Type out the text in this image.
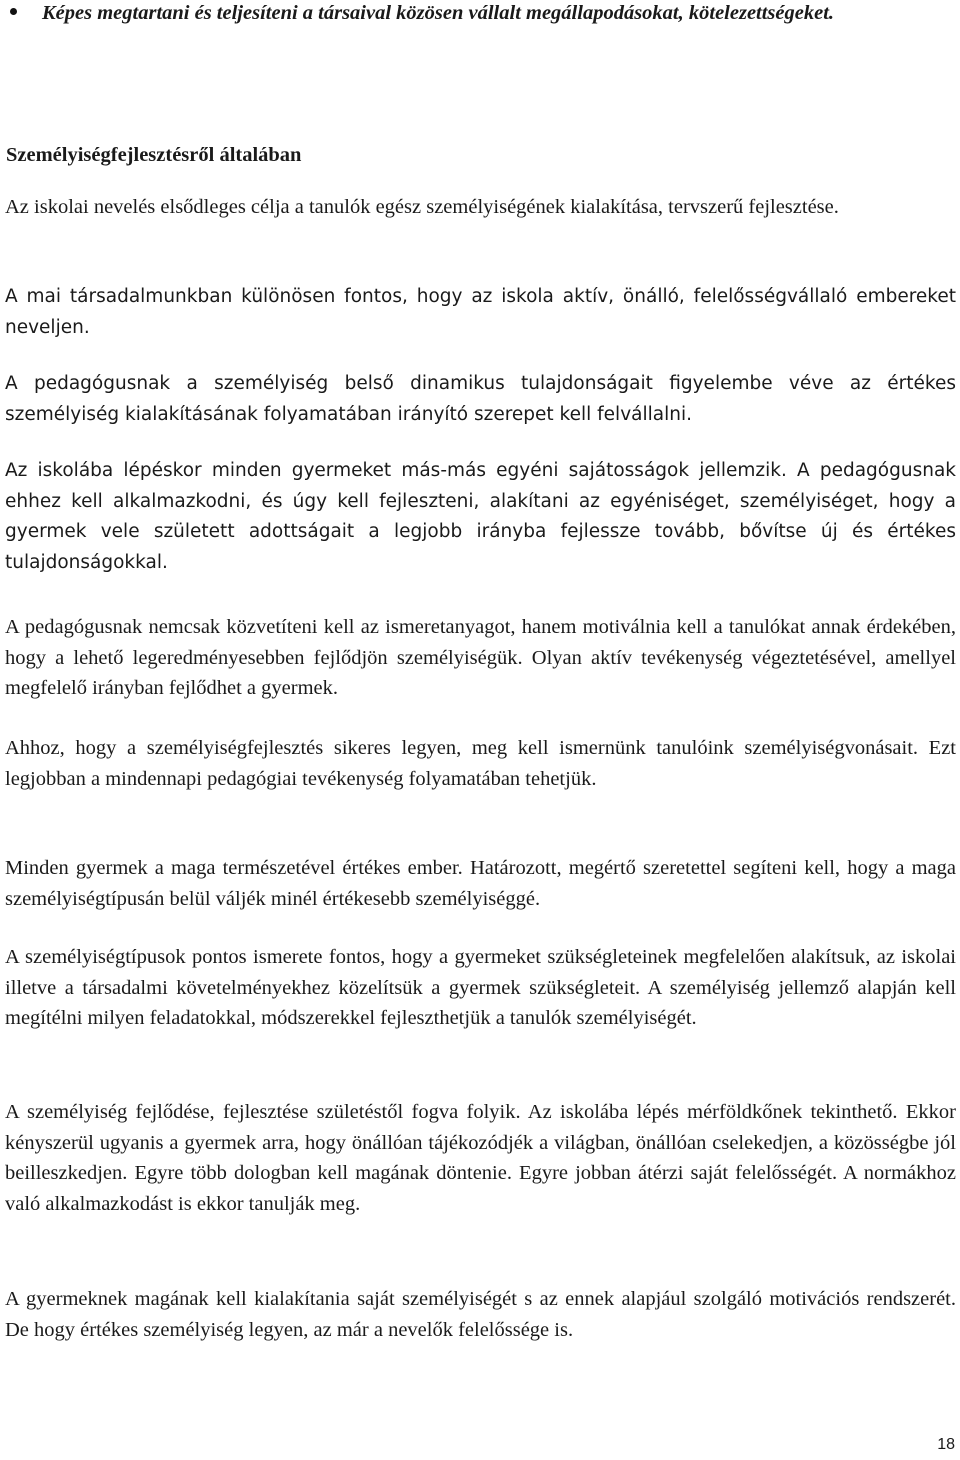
Képes megtartani és teljesíteni a társaival közösen vállalt megállapodásokat, kötelezettségeket.
Személyiségfejlesztésről általában

Az iskolai nevelés elsődleges célja a tanulók egész személyiségének kialakítása, tervszerű fejlesztése.

A mai társadalmunkban különösen fontos, hogy az iskola aktív, önálló, felelősségvállaló embereket neveljen.

A pedagógusnak a személyiség belső dinamikus tulajdonságait figyelembe véve az értékes személyiség kialakításának folyamatában irányító szerepet kell felvállalni.

Az iskolába lépéskor minden gyermeket más-más egyéni sajátosságok jellemzik. A pedagógusnak ehhez kell alkalmazkodni, és úgy kell fejleszteni, alakítani az egyéniséget, személyiséget, hogy a gyermek vele született adottságait a legjobb irányba fejlessze tovább, bővítse új és értékes tulajdonságokkal.

A pedagógusnak nemcsak közvetíteni kell az ismeretanyagot, hanem motiválnia kell a tanulókat annak érdekében, hogy a lehető legeredményesebben fejlődjön személyiségük. Olyan aktív tevékenység végeztetésével, amellyel megfelelő irányban fejlődhet a gyermek.

Ahhoz, hogy a személyiségfejlesztés sikeres legyen, meg kell ismernünk tanulóink személyiségvonásait. Ezt legjobban a mindennapi pedagógiai tevékenység folyamatában tehetjük.

Minden gyermek a maga természetével értékes ember. Határozott, megértő szeretettel segíteni kell, hogy a maga személyiségtípusán belül váljék minél értékesebb személyiséggé.

A személyiségtípusok pontos ismerete fontos, hogy a gyermeket szükségleteinek megfelelően alakítsuk, az iskolai illetve a társadalmi követelményekhez közelítsük a gyermek szükségleteit. A személyiség jellemző alapján kell megítélni milyen feladatokkal, módszerekkel fejleszthetjük a tanulók személyiségét.

A személyiség fejlődése, fejlesztése születéstől fogva folyik. Az iskolába lépés mérföldkőnek tekinthető. Ekkor kényszerül ugyanis a gyermek arra, hogy önállóan tájékozódjék a világban, önállóan cselekedjen, a közösségbe jól beilleszkedjen. Egyre több dologban kell magának döntenie. Egyre jobban átérzi saját felelősségét. A normákhoz való alkalmazkodást is ekkor tanulják meg.

A gyermeknek magának kell kialakítania saját személyiségét s az ennek alapjául szolgáló motivációs rendszerét. De hogy értékes személyiség legyen, az már a nevelők felelőssége is.

18
